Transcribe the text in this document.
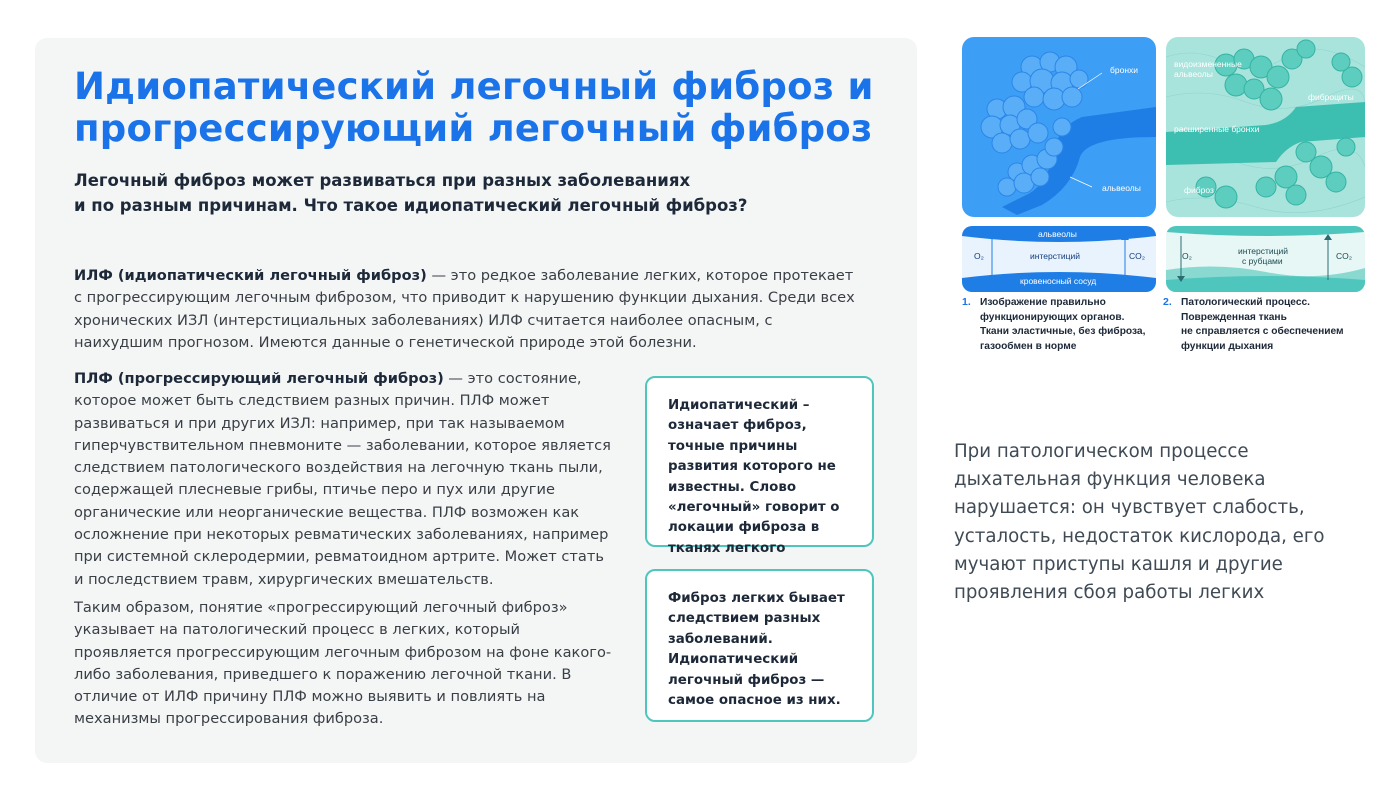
Идиопатический легочный фиброз и прогрессирующий легочный фиброз
Легочный фиброз может развиваться при разных заболеваниях
и по разным причинам. Что такое идиопатический легочный фиброз?

ИЛФ (идиопатический легочный фиброз) — это редкое заболевание легких, которое протекает с прогрессирующим легочным фиброзом, что приводит к нарушению функции дыхания. Среди всех хронических ИЗЛ (интерстициальных заболеваниях) ИЛФ считается наиболее опасным, с наихудшим прогнозом. Имеются данные о генетической природе этой болезни.

ПЛФ (прогрессирующий легочный фиброз) — это состояние, которое может быть следствием разных причин. ПЛФ может развиваться и при других ИЗЛ: например, при так называемом гиперчувствительном пневмоните — заболевании, которое является следствием патологического воздействия на легочную ткань пыли, содержащей плесневые грибы, птичье перо и пух или другие органические или неорганические вещества. ПЛФ возможен как осложнение при некоторых ревматических заболеваниях, например при системной склеродермии, ревматоидном артрите. Может стать и последствием травм, хирургических вмешательств.

Таким образом, понятие «прогрессирующий легочный фиброз» указывает на патологический процесс в легких, который проявляется прогрессирующим легочным фиброзом на фоне какого-либо заболевания, приведшего к поражению легочной ткани. В отличие от ИЛФ причину ПЛФ можно выявить и повлиять на механизмы прогрессирования фиброза.

Идиопатический – означает фиброз, точные причины развития которого не известны. Слово «легочный» говорит о локации фиброза в тканях легкого
Фиброз легких бывает следствием разных заболеваний. Идиопатический легочный фиброз — самое опасное из них.

При патологическом процессе дыхательная функция человека нарушается: он чувствует слабость, усталость, недостаток кислорода, его мучают приступы кашля и другие проявления сбоя работы легких

бронхи
альвеолы
видоизмененные
альвеолы
фиброциты
расширенные бронхи
фиброз
альвеолы
интерстиций
кровеносный сосуд
O₂	CO₂	интерстиций
с рубцами
O₂	CO₂
1. Изображение правильно
функционирующих органов.
Ткани эластичные, без фиброза,
газообмен в норме
2. Патологический процесс.
Поврежденная ткань
не справляется с обеспечением
функции дыхания
